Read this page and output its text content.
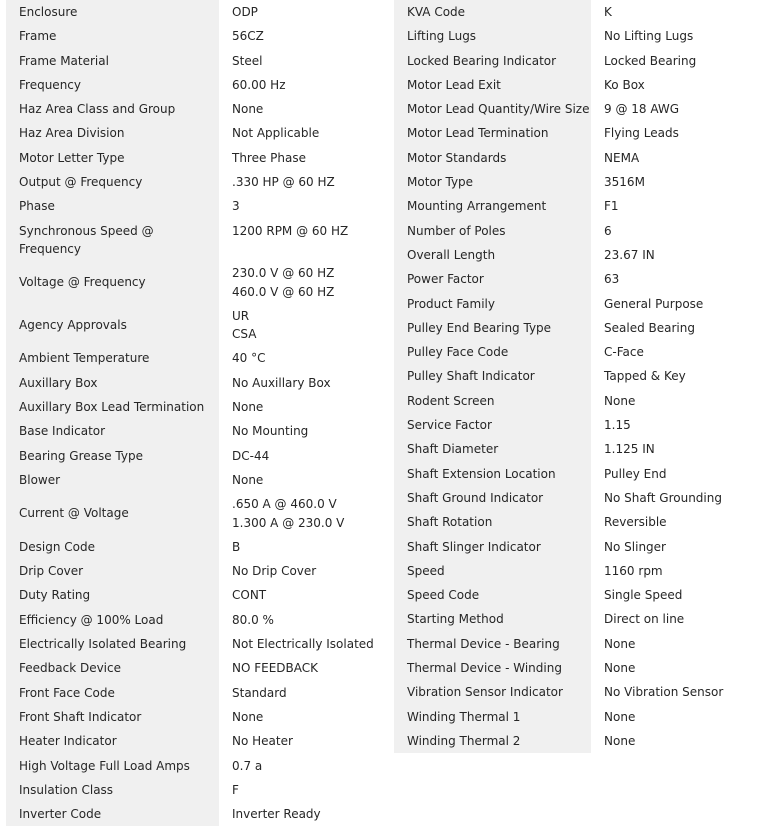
Enclosure	ODP

Frame	56CZ

Frame Material	Steel

Frequency	60.00 Hz

Haz Area Class and Group	None

Haz Area Division	Not Applicable

Motor Letter Type	Three Phase

Output @ Frequency	.330 HP @ 60 HZ

Phase	3

Synchronous Speed @ Frequency	1200 RPM @ 60 HZ

Voltage @ Frequency	230.0 V @ 60 HZ
460.0 V @ 60 HZ

Agency Approvals	UR
CSA

Ambient Temperature	40 °C

Auxillary Box	No Auxillary Box

Auxillary Box Lead Termination	None

Base Indicator	No Mounting

Bearing Grease Type	DC-44

Blower	None

Current @ Voltage	.650 A @ 460.0 V
1.300 A @ 230.0 V

Design Code	B

Drip Cover	No Drip Cover

Duty Rating	CONT

Efficiency @ 100% Load	80.0 %

Electrically Isolated Bearing	Not Electrically Isolated

Feedback Device	NO FEEDBACK

Front Face Code	Standard

Front Shaft Indicator	None

Heater Indicator	No Heater

High Voltage Full Load Amps	0.7 a

Insulation Class	F

Inverter Code	Inverter Ready
KVA Code	K

Lifting Lugs	No Lifting Lugs

Locked Bearing Indicator	Locked Bearing

Motor Lead Exit	Ko Box

Motor Lead Quantity/Wire Size	9 @ 18 AWG

Motor Lead Termination	Flying Leads

Motor Standards	NEMA

Motor Type	3516M

Mounting Arrangement	F1

Number of Poles	6

Overall Length	23.67 IN

Power Factor	63

Product Family	General Purpose

Pulley End Bearing Type	Sealed Bearing

Pulley Face Code	C-Face

Pulley Shaft Indicator	Tapped & Key

Rodent Screen	None

Service Factor	1.15

Shaft Diameter	1.125 IN

Shaft Extension Location	Pulley End

Shaft Ground Indicator	No Shaft Grounding

Shaft Rotation	Reversible

Shaft Slinger Indicator	No Slinger

Speed	1160 rpm

Speed Code	Single Speed

Starting Method	Direct on line

Thermal Device - Bearing	None

Thermal Device - Winding	None

Vibration Sensor Indicator	No Vibration Sensor

Winding Thermal 1	None

Winding Thermal 2	None
